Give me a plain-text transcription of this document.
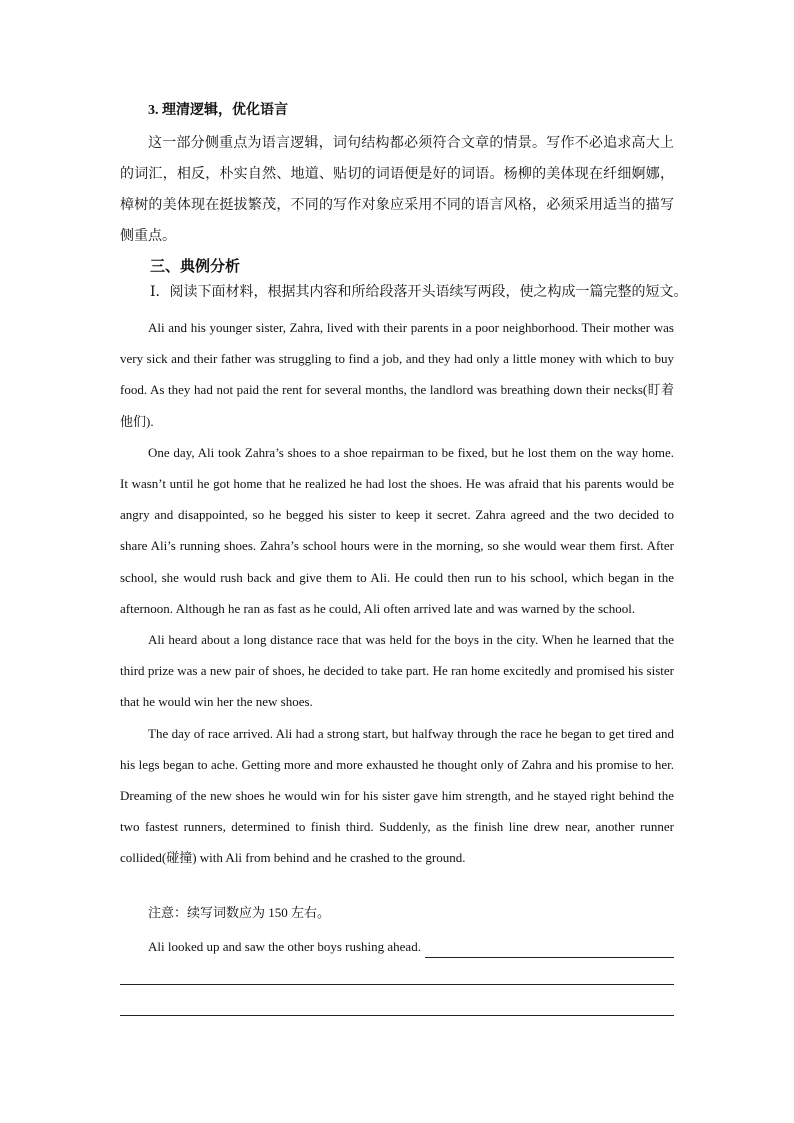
3. 理清逻辑，优化语言
这一部分侧重点为语言逻辑，词句结构都必须符合文章的情景。写作不必追求高大上的词汇，相反，朴实自然、地道、贴切的词语便是好的词语。杨柳的美体现在纤细婀娜，樟树的美体现在挺拔繁茂，不同的写作对象应采用不同的语言风格，必须采用适当的描写侧重点。
三、典例分析
Ⅰ．阅读下面材料，根据其内容和所给段落开头语续写两段，使之构成一篇完整的短文。

Ali and his younger sister, Zahra, lived with their parents in a poor neighborhood. Their mother was very sick and their father was struggling to find a job, and they had only a little money with which to buy food. As they had not paid the rent for several months, the landlord was breathing down their necks(盯着他们).

One day, Ali took Zahra’s shoes to a shoe repairman to be fixed, but he lost them on the way home. It wasn’t until he got home that he realized he had lost the shoes. He was afraid that his parents would be angry and disappointed, so he begged his sister to keep it secret. Zahra agreed and the two decided to share Ali’s running shoes. Zahra’s school hours were in the morning, so she would wear them first. After school, she would rush back and give them to Ali. He could then run to his school, which began in the afternoon. Although he ran as fast as he could, Ali often arrived late and was warned by the school.

Ali heard about a long distance race that was held for the boys in the city. When he learned that the third prize was a new pair of shoes, he decided to take part. He ran home excitedly and promised his sister that he would win her the new shoes.

The day of race arrived. Ali had a strong start, but halfway through the race he began to get tired and his legs began to ache. Getting more and more exhausted he thought only of Zahra and his promise to her. Dreaming of the new shoes he would win for his sister gave him strength, and he stayed right behind the two fastest runners, determined to finish third. Suddenly, as the finish line drew near, another runner collided(碰撞) with Ali from behind and he crashed to the ground.

注意：续写词数应为 150 左右。
Ali looked up and saw the other boys rushing ahead.
